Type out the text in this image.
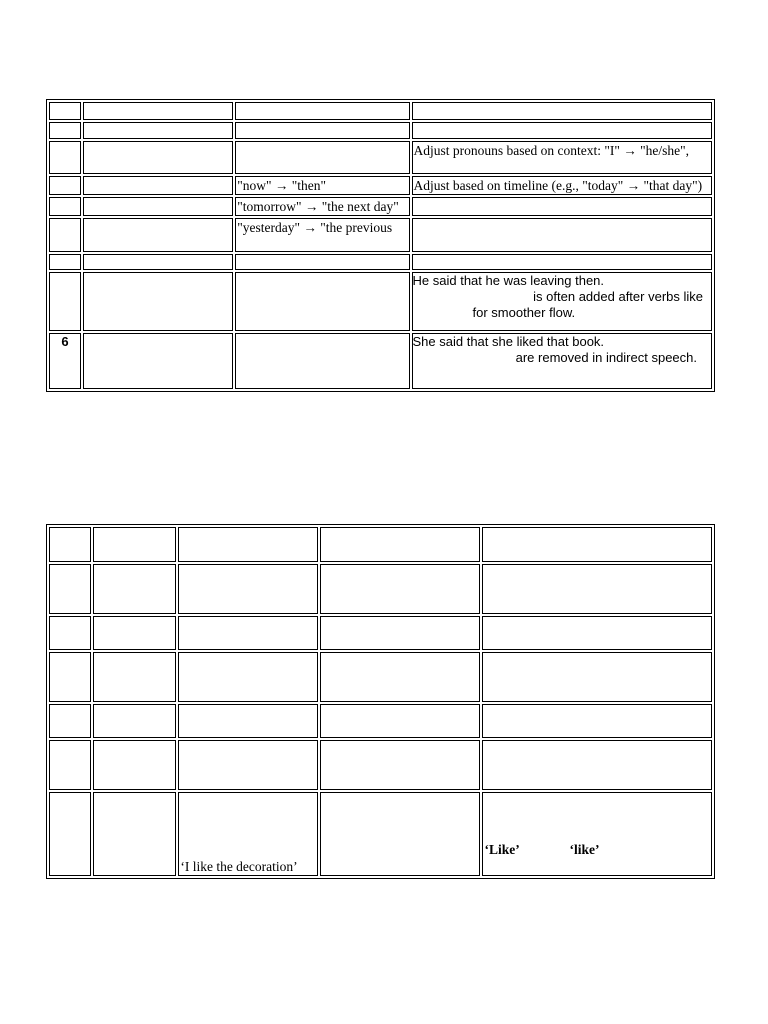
			Adjust pronouns based on context: "I" → "he/she",
		"now" → "then"	Adjust based on timeline (e.g., "today" → "that day")
		"tomorrow" → "the next day"	
		"yesterday" → "the previous	

			He said that he was leaving then.
is often added after verbs like
for smoother flow.

6			She said that she liked that book.
are removed in indirect speech.

		‘I like the decoration’		‘Like’ ‘like’
